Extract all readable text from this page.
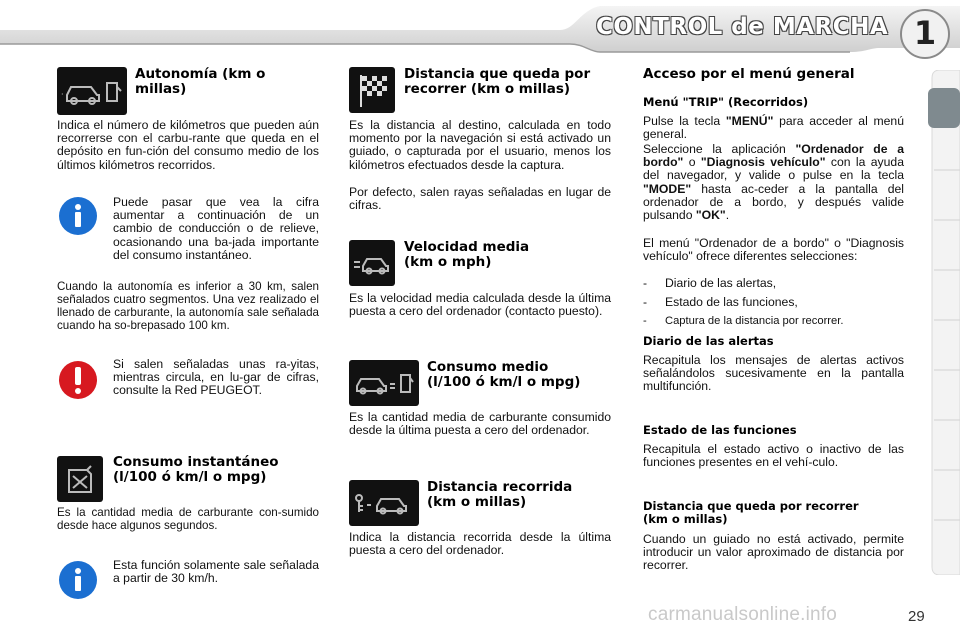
CONTROL de MARCHA 1
·
Autonomía (km o
millas)
Indica el número de kilómetros que pueden aún recorrerse con el carbu-rante que queda en el depósito en fun-ción del consumo medio de los últimos kilómetros recorridos.
Puede pasar que vea la cifra aumentar a continuación de un cambio de conducción o de relieve, ocasionando una ba-jada importante del consumo instantáneo.
Cuando la autonomía es inferior a 30 km, salen señalados cuatro segmentos. Una vez realizado el llenado de carburante, la autonomía sale señalada cuando ha so-brepasado 100 km.
Si salen señaladas unas ra-yitas, mientras circula, en lu-gar de cifras, consulte la Red PEUGEOT.
Consumo instantáneo
(l/100 ó km/l o mpg)
Es la cantidad media de carburante con-sumido desde hace algunos segundos.
Esta función solamente sale señalada a partir de 30 km/h.
Distancia que queda por
recorrer (km o millas)
Es la distancia al destino, calculada en todo momento por la navegación si está activado un guiado, o capturada por el usuario, menos los kilómetros efectuados desde la captura.
Por defecto, salen rayas señaladas en lugar de cifras.
Velocidad media
(km o mph)
Es la velocidad media calculada desde la última puesta a cero del ordenador (contacto puesto).
Consumo medio
(l/100 ó km/l o mpg)
Es la cantidad media de carburante consumido desde la última puesta a cero del ordenador.
Distancia recorrida
(km o millas)
Indica la distancia recorrida desde la última puesta a cero del ordenador.
Acceso por el menú general
Menú "TRIP" (Recorridos)
Pulse la tecla "MENÚ" para acceder al menú general.
Seleccione la aplicación "Ordenador de a bordo" o "Diagnosis vehículo" con la ayuda del navegador, y valide o pulse en la tecla "MODE" hasta ac-ceder a la pantalla del ordenador de a bordo, y después valide pulsando "OK".
El menú "Ordenador de a bordo" o "Diagnosis vehículo" ofrece diferentes selecciones:
- Diario de las alertas,
- Estado de las funciones,
- Captura de la distancia por recorrer.
Diario de las alertas
Recapitula los mensajes de alertas activos señalándolos sucesivamente en la pantalla multifunción.
Estado de las funciones
Recapitula el estado activo o inactivo de las funciones presentes en el vehí-culo.
Distancia que queda por recorrer
(km o millas)
Cuando un guiado no está activado, permite introducir un valor aproximado de distancia por recorrer.
carmanualsonline.info	29
